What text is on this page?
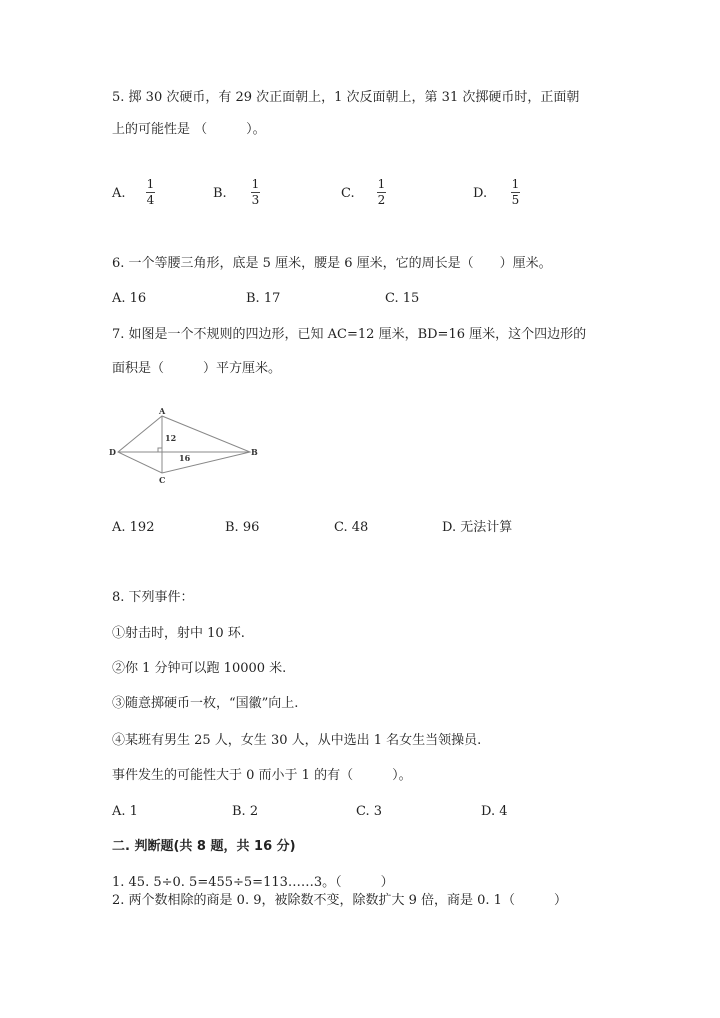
5. 掷 30 次硬币，有 29 次正面朝上，1 次反面朝上，第 31 次掷硬币时，正面朝
上的可能性是 （　　　）。
A.
1
4	B.
1
3	C.
1
2	D.
1
5
6. 一个等腰三角形，底是 5 厘米，腰是 6 厘米，它的周长是（　　）厘米。
A. 16	B. 17	C. 15
7. 如图是一个不规则的四边形，已知 AC=12 厘米，BD=16 厘米，这个四边形的
面积是（　　　）平方厘米。
A
B
C
D
12
16
A. 192	B. 96	C. 48	D. 无法计算
8. 下列事件：
①射击时，射中 10 环.
②你 1 分钟可以跑 10000 米.
③随意掷硬币一枚，“国徽”向上.
④某班有男生 25 人，女生 30 人，从中选出 1 名女生当领操员.
事件发生的可能性大于 0 而小于 1 的有（　　　）。
A. 1	B. 2	C. 3	D. 4
二. 判断题(共 8 题，共 16 分)
1. 45. 5÷0. 5=455÷5=113……3。（　　　）
2. 两个数相除的商是 0. 9，被除数不变，除数扩大 9 倍，商是 0. 1（　　　）
